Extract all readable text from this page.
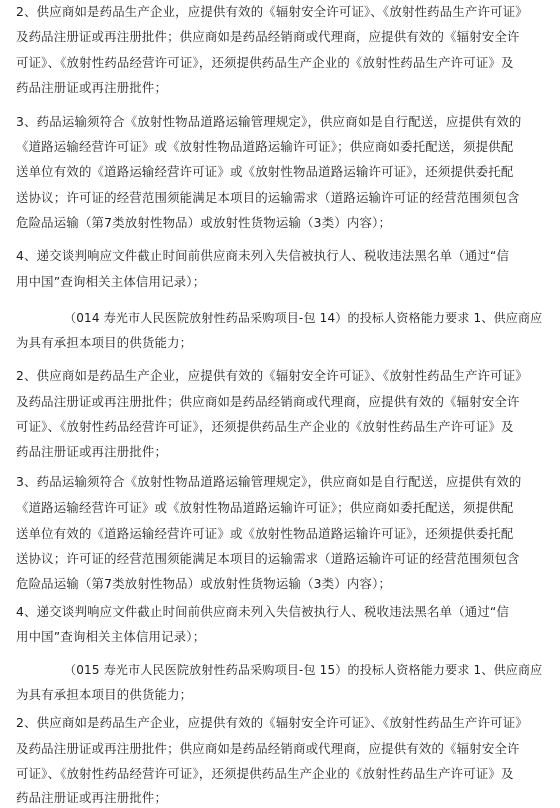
2、供应商如是药品生产企业，应提供有效的《辐射安全许可证》、《放射性药品生产许可证》
及药品注册证或再注册批件；供应商如是药品经销商或代理商，应提供有效的《辐射安全许
可证》、《放射性药品经营许可证》，还须提供药品生产企业的《放射性药品生产许可证》及
药品注册证或再注册批件；
3、药品运输须符合《放射性物品道路运输管理规定》，供应商如是自行配送，应提供有效的
《道路运输经营许可证》或《放射性物品道路运输许可证》；供应商如委托配送，须提供配
送单位有效的《道路运输经营许可证》或《放射性物品道路运输许可证》，还须提供委托配
送协议；许可证的经营范围须能满足本项目的运输需求（道路运输许可证的经营范围须包含
危险品运输（第7类放射性物品）或放射性货物运输（3类）内容）；
4、递交谈判响应文件截止时间前供应商未列入失信被执行人、税收违法黑名单（通过“信
用中国”查询相关主体信用记录）；
（014 寿光市人民医院放射性药品采购项目-包 14）的投标人资格能力要求 1、供应商应
为具有承担本项目的供货能力；
2、供应商如是药品生产企业，应提供有效的《辐射安全许可证》、《放射性药品生产许可证》
及药品注册证或再注册批件；供应商如是药品经销商或代理商，应提供有效的《辐射安全许
可证》、《放射性药品经营许可证》，还须提供药品生产企业的《放射性药品生产许可证》及
药品注册证或再注册批件；
3、药品运输须符合《放射性物品道路运输管理规定》，供应商如是自行配送，应提供有效的
《道路运输经营许可证》或《放射性物品道路运输许可证》；供应商如委托配送，须提供配
送单位有效的《道路运输经营许可证》或《放射性物品道路运输许可证》，还须提供委托配
送协议；许可证的经营范围须能满足本项目的运输需求（道路运输许可证的经营范围须包含
危险品运输（第7类放射性物品）或放射性货物运输（3类）内容）；
4、递交谈判响应文件截止时间前供应商未列入失信被执行人、税收违法黑名单（通过“信
用中国”查询相关主体信用记录）；
（015 寿光市人民医院放射性药品采购项目-包 15）的投标人资格能力要求 1、供应商应
为具有承担本项目的供货能力；
2、供应商如是药品生产企业，应提供有效的《辐射安全许可证》、《放射性药品生产许可证》
及药品注册证或再注册批件；供应商如是药品经销商或代理商，应提供有效的《辐射安全许
可证》、《放射性药品经营许可证》，还须提供药品生产企业的《放射性药品生产许可证》及
药品注册证或再注册批件；
